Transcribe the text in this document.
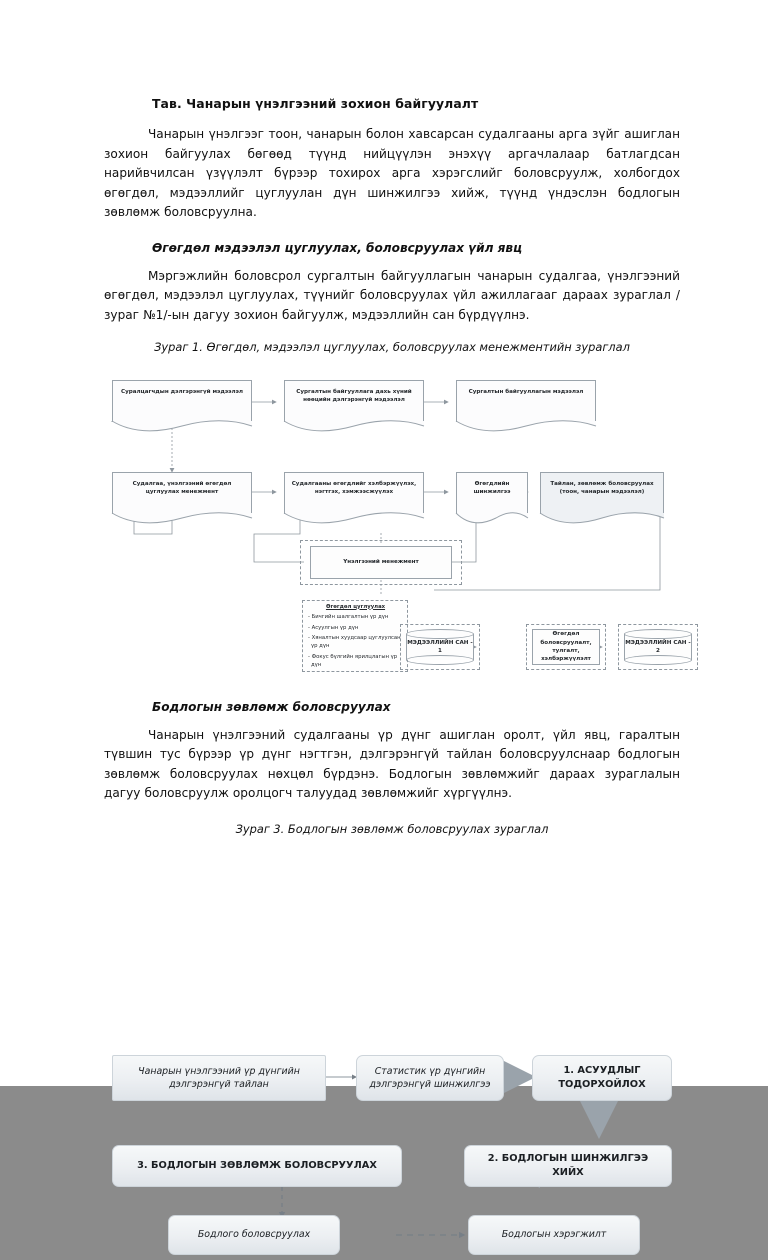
Тав. Чанарын үнэлгээний зохион байгуулалт

Чанарын үнэлгээг тоон, чанарын болон хавсарсан судалгааны арга зүйг ашиглан зохион байгуулах бөгөөд түүнд нийцүүлэн энэхүү аргачлалаар батлагдсан нарийвчилсан үзүүлэлт бүрээр тохирох арга хэрэгслийг боловсруулж, холбогдох өгөгдөл, мэдээллийг цуглуулан дүн шинжилгээ хийж, түүнд үндэслэн бодлогын зөвлөмж боловсруулна.

Өгөгдөл мэдээлэл цуглуулах, боловсруулах үйл явц

Мэргэжлийн боловсрол сургалтын байгууллагын чанарын судалгаа, үнэлгээний өгөгдөл, мэдээлэл цуглуулах, түүнийг боловсруулах үйл ажиллагааг дараах зураглал /зураг №1/-ын дагуу зохион байгуулж, мэдээллийн сан бүрдүүлнэ.

Зураг 1. Өгөгдөл, мэдээлэл цуглуулах, боловсруулах менежментийн зураглал
Суралцагчдын дэлгэрэнгүй мэдээлэл	Сургалтын байгууллага дахь хүний нөөцийн дэлгэрэнгүй мэдээлэл
Сургалтын байгууллагын мэдээлэл
Судалгаа, үнэлгээний өгөгдөл цуглуулах менежмент
Судалгааны өгөгдлийг хэлбэржүүлэх, нэгтгэх, хэмжээсжүүлэх
Өгөгдлийн шинжилгээ
Тайлан, зөвлөмж боловсруулах (тоон, чанарын мэдээлэл)
Үнэлгээний менежмент
Өгөгдөл цуглуулах
- Бичгийн шалгалтын үр дүн
- Асуулгын үр дүн
- Хяналтын хуудсаар цуглуулсан үр дүн
- Фокус бүлгийн ярилцлагын үр дүн
МЭДЭЭЛЛИЙН САН - 1
Өгөгдөл боловсруулалт, тулгалт, хэлбэржүүлэлт
МЭДЭЭЛЛИЙН САН - 2
Бодлогын зөвлөмж боловсруулах

Чанарын үнэлгээний судалгааны үр дүнг ашиглан оролт, үйл явц, гаралтын түвшин тус бүрээр үр дүнг нэгтгэн, дэлгэрэнгүй тайлан боловсруулснаар бодлогын зөвлөмж боловсруулах нөхцөл бүрдэнэ. Бодлогын зөвлөмжийг дараах зураглалын дагуу боловсруулж оролцогч талуудад зөвлөмжийг хүргүүлнэ.

Зураг 3. Бодлогын зөвлөмж боловсруулах зураглал
Чанарын үнэлгээний үр дүнгийн дэлгэрэнгүй тайлан
Статистик үр дүнгийн дэлгэрэнгүй шинжилгээ
1. АСУУДЛЫГ ТОДОРХОЙЛОХ
2. БОДЛОГЫН ШИНЖИЛГЭЭ ХИЙХ
3. БОДЛОГЫН ЗӨВЛӨМЖ БОЛОВСРУУЛАХ
Бодлого боловсруулах	Бодлогын хэрэгжилт
